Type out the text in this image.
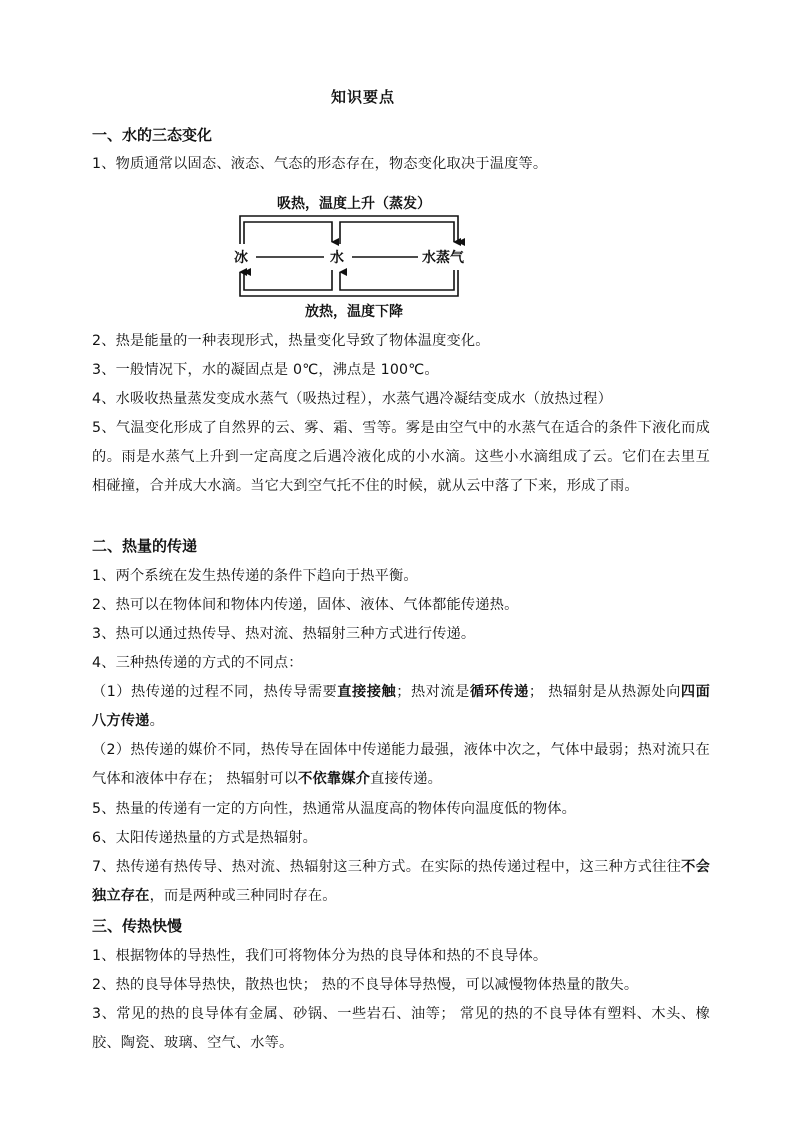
知识要点
一、水的三态变化
1、物质通常以固态、液态、气态的形态存在，物态变化取决于温度等。
吸热，温度上升（蒸发）
冰	水	水蒸气
放热，温度下降
2、热是能量的一种表现形式，热量变化导致了物体温度变化。
3、一般情况下，水的凝固点是 0℃，沸点是 100℃。
4、水吸收热量蒸发变成水蒸气（吸热过程），水蒸气遇冷凝结变成水（放热过程）
5、气温变化形成了自然界的云、雾、霜、雪等。雾是由空气中的水蒸气在适合的条件下液化而成的。雨是水蒸气上升到一定高度之后遇冷液化成的小水滴。这些小水滴组成了云。它们在去里互相碰撞，合并成大水滴。当它大到空气托不住的时候，就从云中落了下来，形成了雨。
二、热量的传递
1、两个系统在发生热传递的条件下趋向于热平衡。
2、热可以在物体间和物体内传递，固体、液体、气体都能传递热。
3、热可以通过热传导、热对流、热辐射三种方式进行传递。
4、三种热传递的方式的不同点：
（1）热传递的过程不同，热传导需要直接接触；热对流是循环传递； 热辐射是从热源处向四面八方传递。
（2）热传递的媒价不同，热传导在固体中传递能力最强，液体中次之，气体中最弱；热对流只在气体和液体中存在； 热辐射可以不依靠媒介直接传递。
5、热量的传递有一定的方向性，热通常从温度高的物体传向温度低的物体。
6、太阳传递热量的方式是热辐射。
7、热传递有热传导、热对流、热辐射这三种方式。在实际的热传递过程中，这三种方式往往不会独立存在，而是两种或三种同时存在。
三、传热快慢
1、根据物体的导热性，我们可将物体分为热的良导体和热的不良导体。
2、热的良导体导热快，散热也快； 热的不良导体导热慢，可以减慢物体热量的散失。
3、常见的热的良导体有金属、砂锅、一些岩石、油等； 常见的热的不良导体有塑料、木头、橡胶、陶瓷、玻璃、空气、水等。
